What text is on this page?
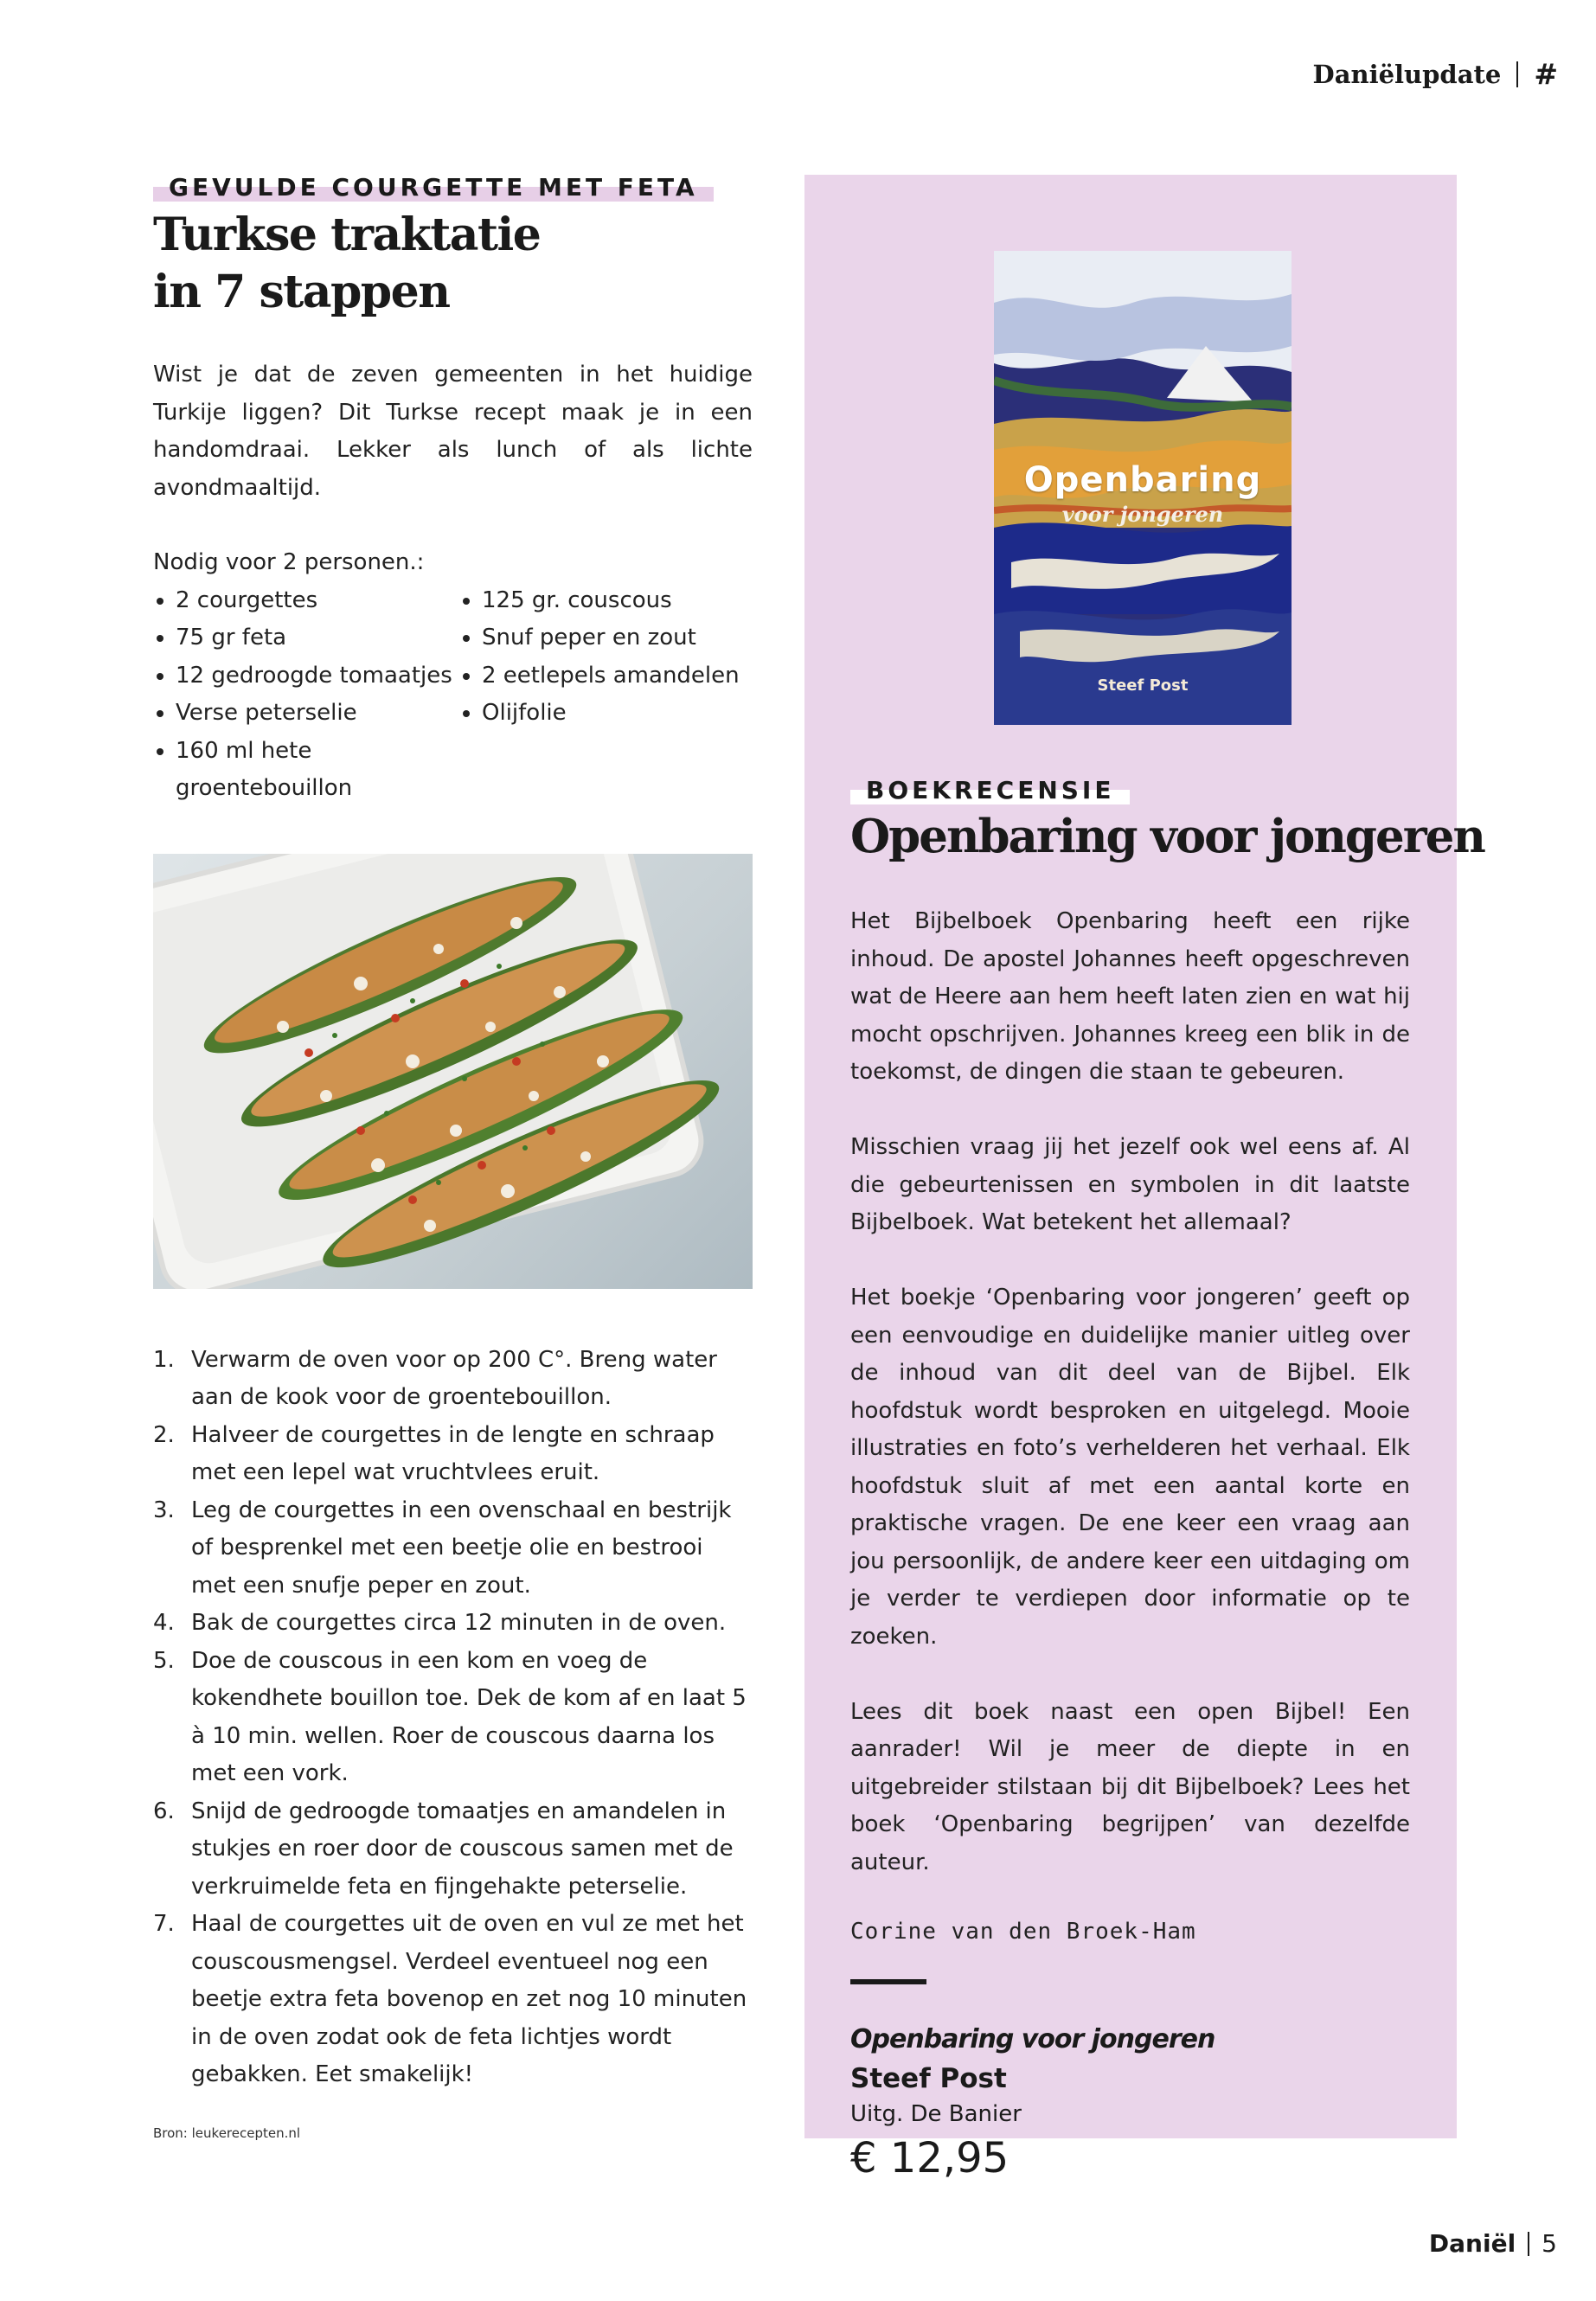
Daniëlupdate #
GEVULDE COURGETTE MET FETA
Turkse traktatie
in 7 stappen
Wist je dat de zeven gemeenten in het huidige Turkije liggen? Dit Turkse recept maak je in een handomdraai. Lekker als lunch of als lichte avondmaaltijd.
Nodig voor 2 personen.:
2 courgettes
75 gr feta
12 gedroogde tomaatjes
Verse peterselie
160 ml hete groentebouillon
125 gr. couscous
Snuf peper en zout
2 eetlepels amandelen
Olijfolie
Verwarm de oven voor op 200 C°. Breng water aan de kook voor de groentebouillon.
Halveer de courgettes in de lengte en schraap met een lepel wat vruchtvlees eruit.
Leg de courgettes in een ovenschaal en bestrijk of besprenkel met een beetje olie en bestrooi met een snufje peper en zout.
Bak de courgettes circa 12 minuten in de oven.
Doe de couscous in een kom en voeg de kokendhete bouillon toe. Dek de kom af en laat 5 à 10 min. wellen. Roer de couscous daarna los met een vork.
Snijd de gedroogde tomaatjes en amandelen in stukjes en roer door de couscous samen met de verkruimelde feta en fijngehakte peterselie.
Haal de courgettes uit de oven en vul ze met het couscousmengsel. Verdeel eventueel nog een beetje extra feta bovenop en zet nog 10 minuten in de oven zodat ook de feta lichtjes wordt gebakken. Eet smakelijk!
Bron: leukerecepten.nl
Openbaring
voor jongeren
Steef Post
BOEKRECENSIE
Openbaring voor jongeren

Het Bijbelboek Openbaring heeft een rijke inhoud. De apostel Johannes heeft opgeschreven wat de Heere aan hem heeft laten zien en wat hij mocht opschrijven. Johannes kreeg een blik in de toekomst, de dingen die staan te gebeuren.

Misschien vraag jij het jezelf ook wel eens af. Al die gebeurtenissen en symbolen in dit laatste Bijbelboek. Wat betekent het allemaal?

Het boekje ‘Openbaring voor jongeren’ geeft op een eenvoudige en duidelijke manier uitleg over de inhoud van dit deel van de Bijbel. Elk hoofdstuk wordt besproken en uitgelegd. Mooie illustraties en foto’s verhelderen het verhaal. Elk hoofdstuk sluit af met een aantal korte en praktische vragen. De ene keer een vraag aan jou persoonlijk, de andere keer een uitdaging om je verder te verdiepen door informatie op te zoeken.

Lees dit boek naast een open Bijbel! Een aanrader! Wil je meer de diepte in en uitgebreider stilstaan bij dit Bijbelboek? Lees het boek ‘Openbaring begrijpen’ van dezelfde auteur.

Corine van den Broek-Ham
Openbaring voor jongeren
Steef Post
Uitg. De Banier
€ 12,95
Daniël 5
